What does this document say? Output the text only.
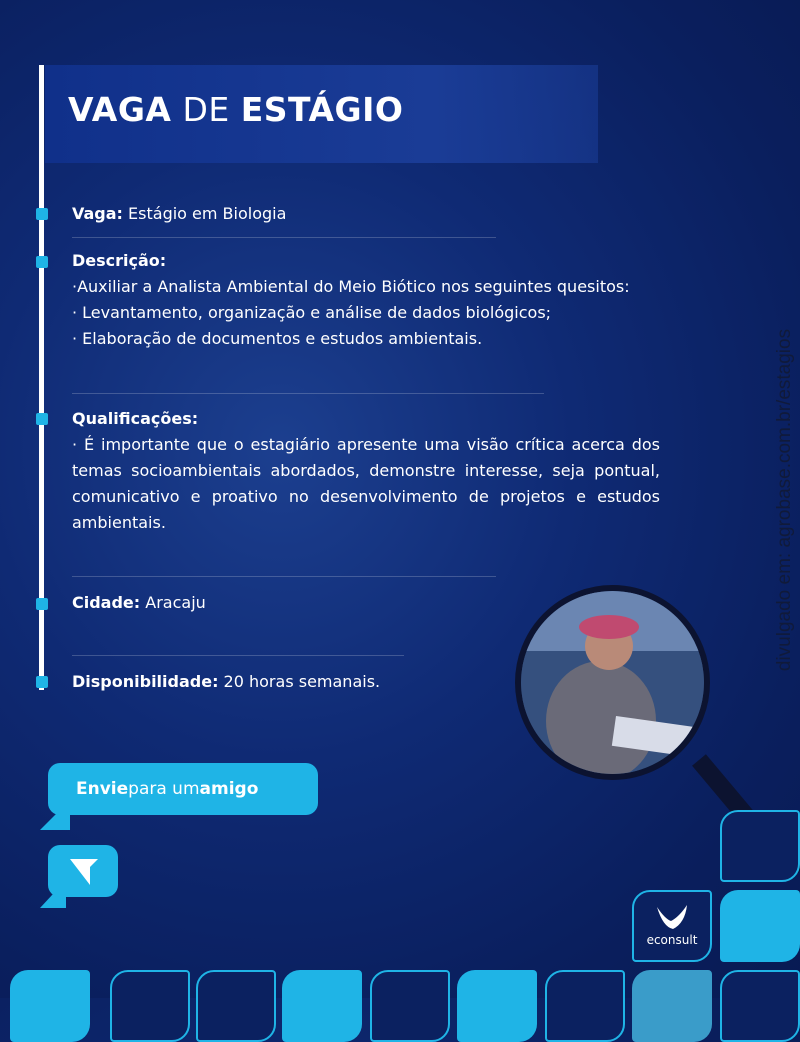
VAGA DE ESTÁGIO
Vaga: Estágio em Biologia
Descrição:
·Auxiliar a Analista Ambiental do Meio Biótico nos seguintes quesitos:
· Levantamento, organização e análise de dados biológicos;
· Elaboração de documentos e estudos ambientais.
Qualificações:
· É importante que o estagiário apresente uma visão crítica acerca dos temas socioambientais abordados, demonstre interesse, seja pontual, comunicativo e proativo no desenvolvimento de projetos e estudos ambientais.
Cidade: Aracaju
Disponibilidade: 20 horas semanais.
Envie para um amigo
divulgado em: agrobase.com.br/estagios
econsult
